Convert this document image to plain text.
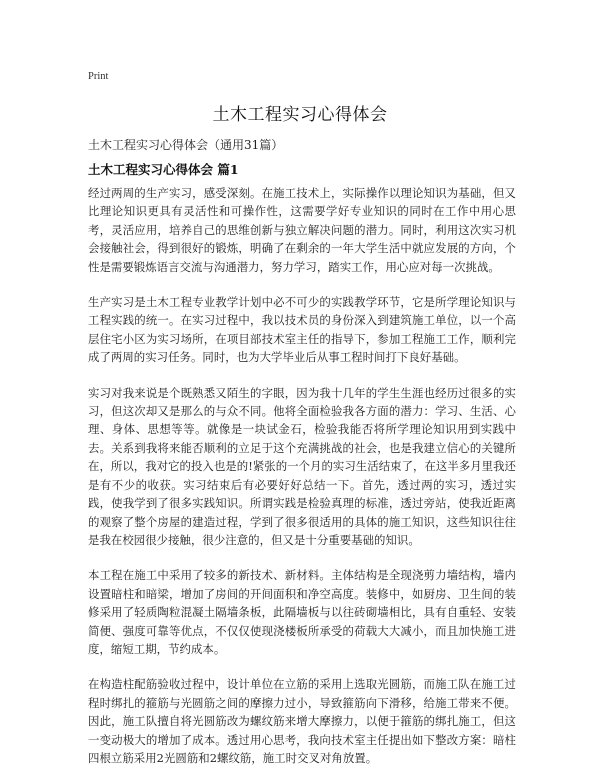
Print
土木工程实习心得体会

土木工程实习心得体会（通用31篇）

土木工程实习心得体会 篇1

经过两周的生产实习，感受深刻。在施工技术上，实际操作以理论知识为基础，但又比理论知识更具有灵活性和可操作性，这需要学好专业知识的同时在工作中用心思考，灵活应用，培养自己的思维创新与独立解决问题的潜力。同时，利用这次实习机会接触社会，得到很好的锻炼，明确了在剩余的一年大学生活中就应发展的方向，个性是需要锻炼语言交流与沟通潜力，努力学习，踏实工作，用心应对每一次挑战。

生产实习是土木工程专业教学计划中必不可少的实践教学环节，它是所学理论知识与工程实践的统一。在实习过程中，我以技术员的身份深入到建筑施工单位，以一个高层住宅小区为实习场所，在项目部技术室主任的指导下，参加工程施工工作，顺利完成了两周的实习任务。同时，也为大学毕业后从事工程时间打下良好基础。

实习对我来说是个既熟悉又陌生的字眼，因为我十几年的学生生涯也经历过很多的实习，但这次却又是那么的与众不同。他将全面检验我各方面的潜力：学习、生活、心理、身体、思想等等。就像是一块试金石，检验我能否将所学理论知识用到实践中去。关系到我将来能否顺利的立足于这个充满挑战的社会，也是我建立信心的关键所在，所以，我对它的投入也是的!紧张的一个月的实习生活结束了，在这半多月里我还是有不少的收获。实习结束后有必要好好总结一下。首先，透过两的实习，透过实践，使我学到了很多实践知识。所谓实践是检验真理的标准，透过旁站，使我近距离的观察了整个房屋的建造过程，学到了很多很适用的具体的施工知识，这些知识往往是我在校园很少接触，很少注意的，但又是十分重要基础的知识。

本工程在施工中采用了较多的新技术、新材料。主体结构是全现浇剪力墙结构，墙内设置暗柱和暗梁，增加了房间的开间面积和净空高度。装修中，如厨房、卫生间的装修采用了轻质陶粒混凝土隔墙条板，此隔墙板与以往砖砌墙相比，具有自重轻、安装简便、强度可靠等优点，不仅仅使现浇楼板所承受的荷载大大减小，而且加快施工进度，缩短工期，节约成本。

在构造柱配筋验收过程中，设计单位在立筋的采用上选取光圆筋，而施工队在施工过程时绑扎的箍筋与光圆筋之间的摩擦力过小，导致箍筋向下滑移，给施工带来不便。因此，施工队擅自将光圆筋改为螺纹筋来增大摩擦力，以便于箍筋的绑扎施工，但这一变动极大的增加了成本。透过用心思考，我向技术室主任提出如下整改方案：暗柱四根立筋采用2光圆筋和2螺纹筋，施工时交叉对角放置。
